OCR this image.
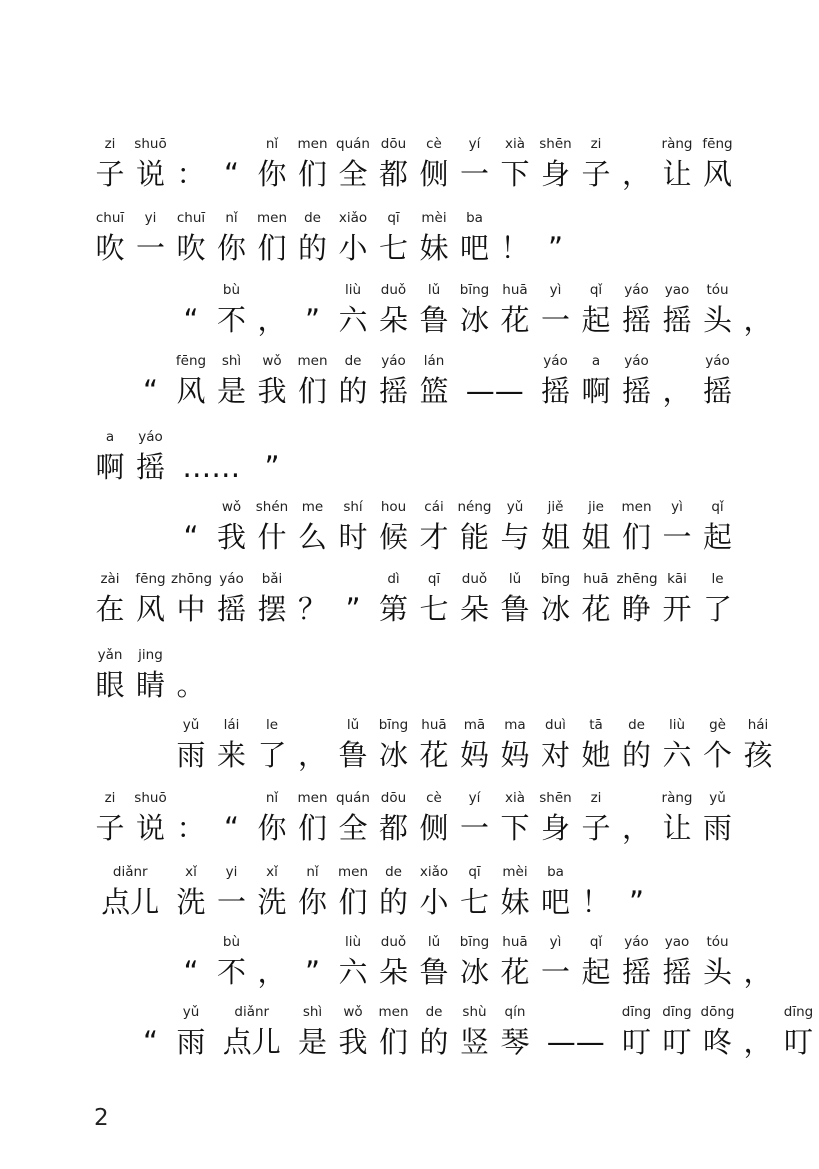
zi
子
shuō
说 ： “
nǐ
你
men
们
quán
全
dōu
都
cè
侧
yí
一
xià
下
shēn
身
zi
子 ，
ràng
让
fēng
风
chuī
吹
yi
一
chuī
吹
nǐ
你
men
们
de
的
xiǎo
小
qī
七
mèi
妹
ba
吧 ！ ”
“
bù
不 ， ”
liù
六
duǒ
朵
lǔ
鲁
bīng
冰
huā
花
yì
一
qǐ
起
yáo
摇
yao
摇
tóu
头 ，
“
fēng
风
shì
是
wǒ
我
men
们
de
的
yáo
摇
lán
篮 ——
yáo
摇
a
啊
yáo
摇 ，
yáo
摇
a
啊
yáo
摇 …… ”
“
wǒ
我
shén
什
me
么
shí
时
hou
候
cái
才
néng
能
yǔ
与
jiě
姐
jie
姐
men
们
yì
一
qǐ
起
zài
在
fēng
风
zhōng
中
yáo
摇
bǎi
摆 ？ ”
dì
第
qī
七
duǒ
朵
lǔ
鲁
bīng
冰
huā
花
zhēng
睁
kāi
开
le
了
yǎn
眼
jing
睛 。
yǔ
雨
lái
来
le
了 ，
lǔ
鲁
bīng
冰
huā
花
mā
妈
ma
妈
duì
对
tā
她
de
的
liù
六
gè
个
hái
孩
zi
子
shuō
说 ： “
nǐ
你
men
们
quán
全
dōu
都
cè
侧
yí
一
xià
下
shēn
身
zi
子 ，
ràng
让
yǔ
雨
diǎnr
点儿
xǐ
洗
yi
一
xǐ
洗
nǐ
你
men
们
de
的
xiǎo
小
qī
七
mèi
妹
ba
吧 ！ ”
“
bù
不 ， ”
liù
六
duǒ
朵
lǔ
鲁
bīng
冰
huā
花
yì
一
qǐ
起
yáo
摇
yao
摇
tóu
头 ，
“
yǔ
雨
diǎnr
点儿
shì
是
wǒ
我
men
们
de
的
shù
竖
qín
琴 ——
dīng
叮
dīng
叮
dōng
咚 ，
dīng
叮
2
